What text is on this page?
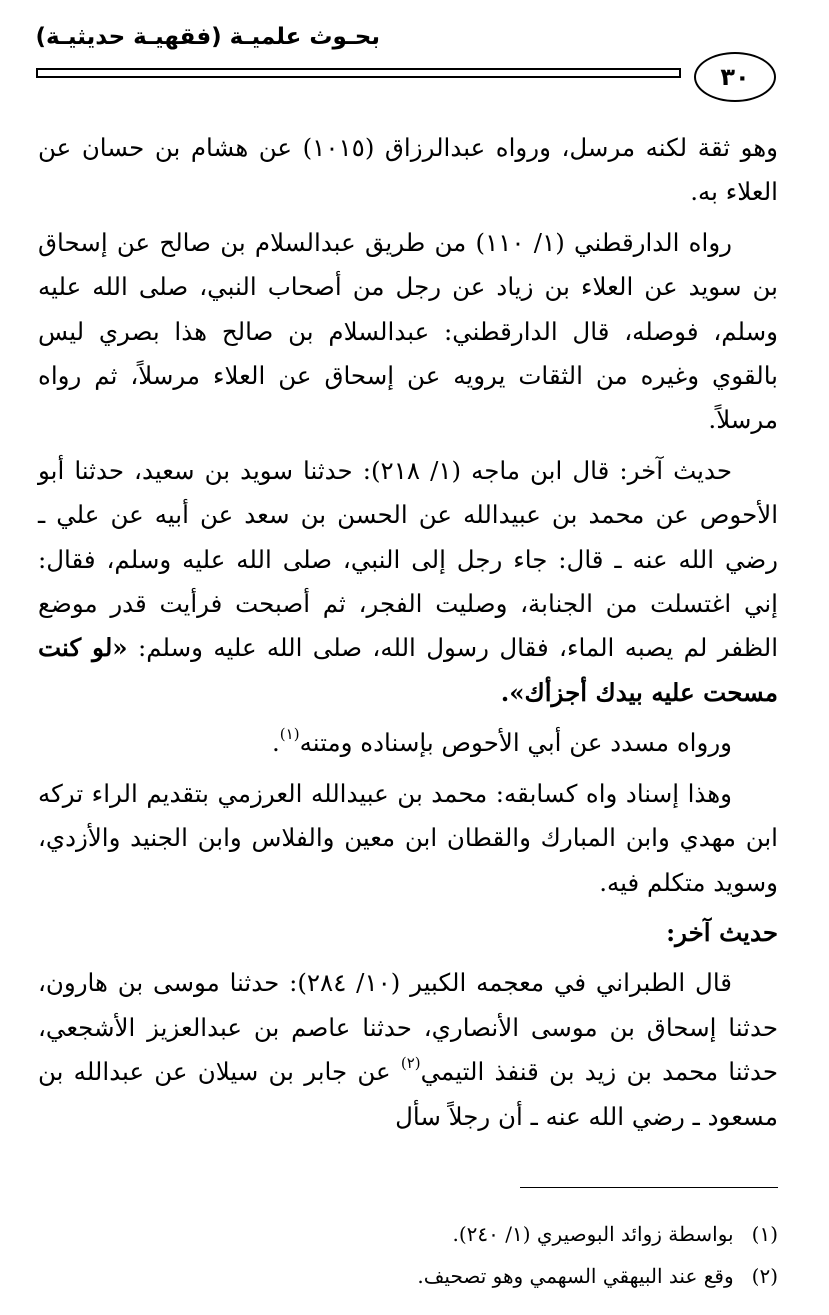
بحـوث علميـة (فقهيـة حديثيـة)
٣٠

وهو ثقة لكنه مرسل، ورواه عبدالرزاق (١٠١٥) عن هشام بن حسان عن العلاء به.

رواه الدارقطني (١/ ١١٠) من طريق عبدالسلام بن صالح عن إسحاق بن سويد عن العلاء بن زياد عن رجل من أصحاب النبي، صلى الله عليه وسلم، فوصله، قال الدارقطني: عبدالسلام بن صالح هذا بصري ليس بالقوي وغيره من الثقات يرويه عن إسحاق عن العلاء مرسلاً، ثم رواه مرسلاً.

حديث آخر: قال ابن ماجه (١/ ٢١٨): حدثنا سويد بن سعيد، حدثنا أبو الأحوص عن محمد بن عبيدالله عن الحسن بن سعد عن أبيه عن علي ـ رضي الله عنه ـ قال: جاء رجل إلى النبي، صلى الله عليه وسلم، فقال: إني اغتسلت من الجنابة، وصليت الفجر، ثم أصبحت فرأيت قدر موضع الظفر لم يصبه الماء، فقال رسول الله، صلى الله عليه وسلم: «لو كنت مسحت عليه بيدك أجزأك».

ورواه مسدد عن أبي الأحوص بإسناده ومتنه$^{(١)}$.

وهذا إسناد واه كسابقه: محمد بن عبيدالله العرزمي بتقديم الراء تركه ابن مهدي وابن المبارك والقطان ابن معين والفلاس وابن الجنيد والأزدي، وسويد متكلم فيه.

حديث آخر:

قال الطبراني في معجمه الكبير (١٠/ ٢٨٤): حدثنا موسى بن هارون، حدثنا إسحاق بن موسى الأنصاري، حدثنا عاصم بن عبدالعزيز الأشجعي، حدثنا محمد بن زيد بن قنفذ التيمي$^{(٢)}$ عن جابر بن سيلان عن عبدالله بن مسعود ـ رضي الله عنه ـ أن رجلاً سأل

(١)بواسطة زوائد البوصيري (١/ ٢٤٠).
(٢)وقع عند البيهقي السهمي وهو تصحيف.
